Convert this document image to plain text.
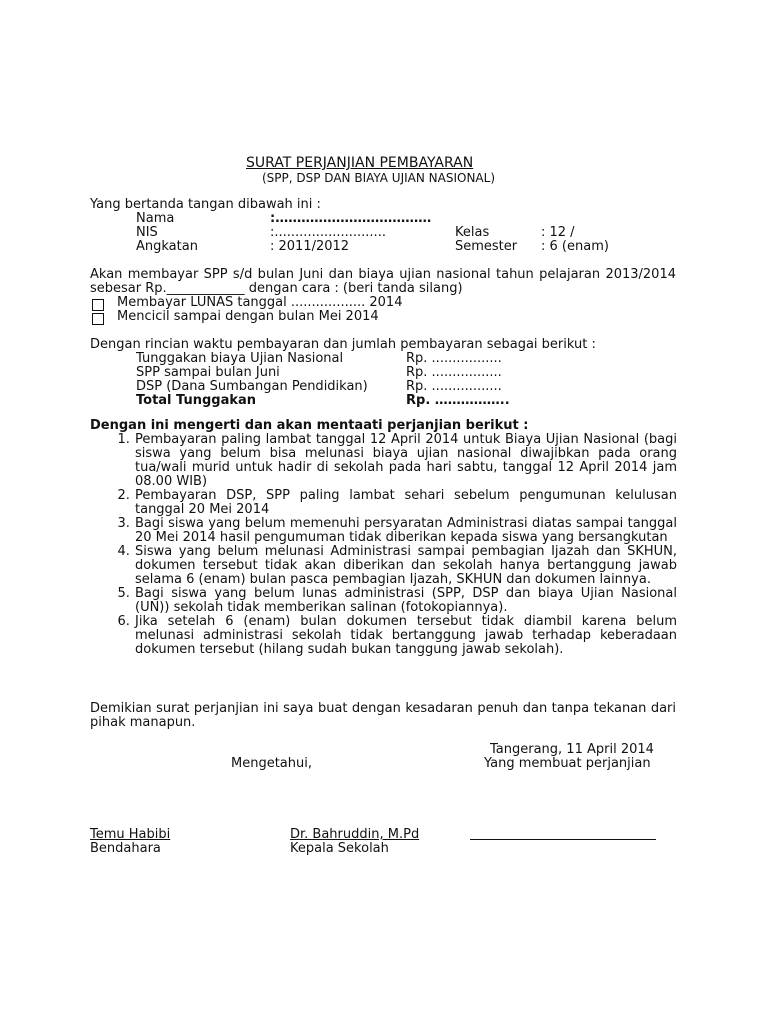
SURAT PERJANJIAN PEMBAYARAN
(SPP, DSP DAN BIAYA UJIAN NASIONAL)
Yang bertanda tangan dibawah ini :
Nama	:………………………………
NIS	:...........................	Kelas	: 12 /
Angkatan	: 2011/2012	Semester : 6 (enam)
Akan membayar SPP s/d bulan Juni dan biaya ujian nasional tahun pelajaran 2013/2014 sebesar Rp.____________ dengan cara : (beri tanda silang)
Membayar LUNAS tanggal .................. 2014
Mencicil sampai dengan bulan Mei 2014
Dengan rincian waktu pembayaran dan jumlah pembayaran sebagai berikut :
Tunggakan biaya Ujian Nasional	Rp. .................
SPP sampai bulan Juni	Rp. .................
DSP (Dana Sumbangan Pendidikan)	Rp. .................
Total Tunggakan	Rp. ……………..
Dengan ini mengerti dan akan mentaati perjanjian berikut :
1. Pembayaran paling lambat tanggal 12 April 2014 untuk Biaya Ujian Nasional (bagi siswa yang belum bisa melunasi biaya ujian nasional diwajibkan pada orang tua/wali murid untuk hadir di sekolah pada hari sabtu, tanggal 12 April 2014 jam 08.00 WIB)
2. Pembayaran DSP, SPP paling lambat sehari sebelum pengumunan kelulusan tanggal 20 Mei 2014
3. Bagi siswa yang belum memenuhi persyaratan Administrasi diatas sampai tanggal 20 Mei 2014 hasil pengumuman tidak diberikan kepada siswa yang bersangkutan
4. Siswa yang belum melunasi Administrasi sampai pembagian Ijazah dan SKHUN, dokumen tersebut tidak akan diberikan dan sekolah hanya bertanggung jawab selama 6 (enam) bulan pasca pembagian Ijazah, SKHUN dan dokumen lainnya.
5. Bagi siswa yang belum lunas administrasi (SPP, DSP dan biaya Ujian Nasional (UN)) sekolah tidak memberikan salinan (fotokopiannya).
6. Jika setelah 6 (enam) bulan dokumen tersebut tidak diambil karena belum melunasi administrasi sekolah tidak bertanggung jawab terhadap keberadaan dokumen tersebut (hilang sudah bukan tanggung jawab sekolah).
Demikian surat perjanjian ini saya buat dengan kesadaran penuh dan tanpa tekanan dari pihak manapun.
Tangerang, 11 April 2014
Mengetahui,	Yang membuat perjanjian
Temu Habibi
Bendahara
Dr. Bahruddin, M.Pd
Kepala Sekolah
